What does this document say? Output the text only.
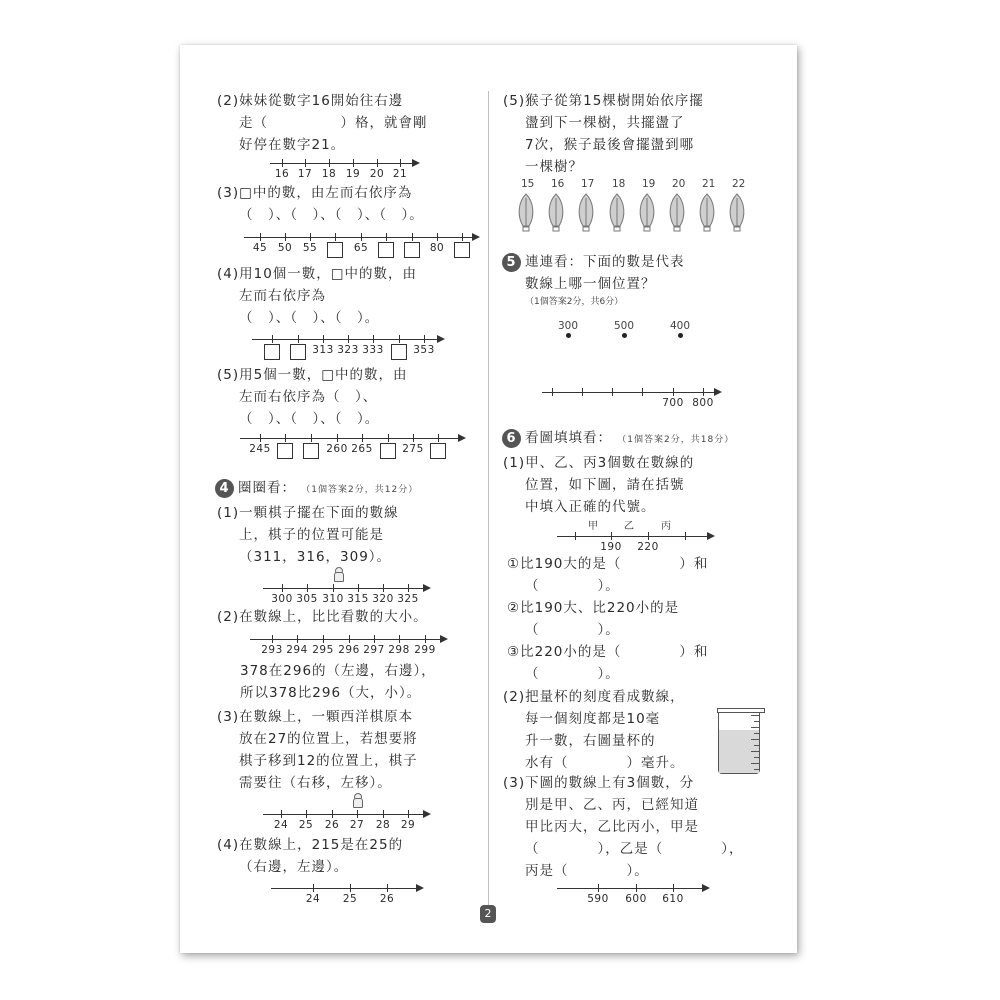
2
(2)妹妹從數字16開始往右邊
走（　　　　　）格，就會剛
好停在數字21。
16 17 18 19 20 21
(3)□中的數，由左而右依序為
（　）、（　）、（　）、（　）。
45 50 55	65	80
(4)用10個一數，□中的數，由
左而右依序為
（　）、（　）、（　）。
313 323 333	353
(5)用5個一數，□中的數，由
左而右依序為（　）、
（　）、（　）、（　）。
245	260 265	275
4 圈圈看： （1個答案2分，共12分）
(1)一顆棋子擺在下面的數線
上，棋子的位置可能是
（311，316，309）。
300 305 310 315 320 325
(2)在數線上，比比看數的大小。
293 294 295 296 297 298 299
378在296的（左邊，右邊），
所以378比296（大，小）。
(3)在數線上，一顆西洋棋原本
放在27的位置上，若想要將
棋子移到12的位置上，棋子
需要往（右移，左移）。
24 25 26 27 28 29
(4)在數線上，215是在25的
（右邊，左邊）。
24 25 26
(5)猴子從第15棵樹開始依序擺
盪到下一棵樹，共擺盪了
7次，猴子最後會擺盪到哪
一棵樹？
15 16 17 18 19 20 21 22
5 連連看：下面的數是代表
數線上哪一個位置？
（1個答案2分，共6分）
300	500	400
700 800
6 看圖填填看： （1個答案2分，共18分）
(1)甲、乙、丙3個數在數線的
位置，如下圖，請在括號
中填入正確的代號。
甲
190
乙
220
丙
①比190大的是（　　　　）和
（　　　　）。
②比190大、比220小的是
（　　　　）。
③比220小的是（　　　　）和
（　　　　）。
(2)把量杯的刻度看成數線，
每一個刻度都是10毫
升一數，右圖量杯的
水有（　　　　）毫升。
(3)下圖的數線上有3個數，分
別是甲、乙、丙，已經知道
甲比丙大，乙比丙小，甲是
（　　　　），乙是（　　　　），
丙是（　　　　）。
590 600 610
